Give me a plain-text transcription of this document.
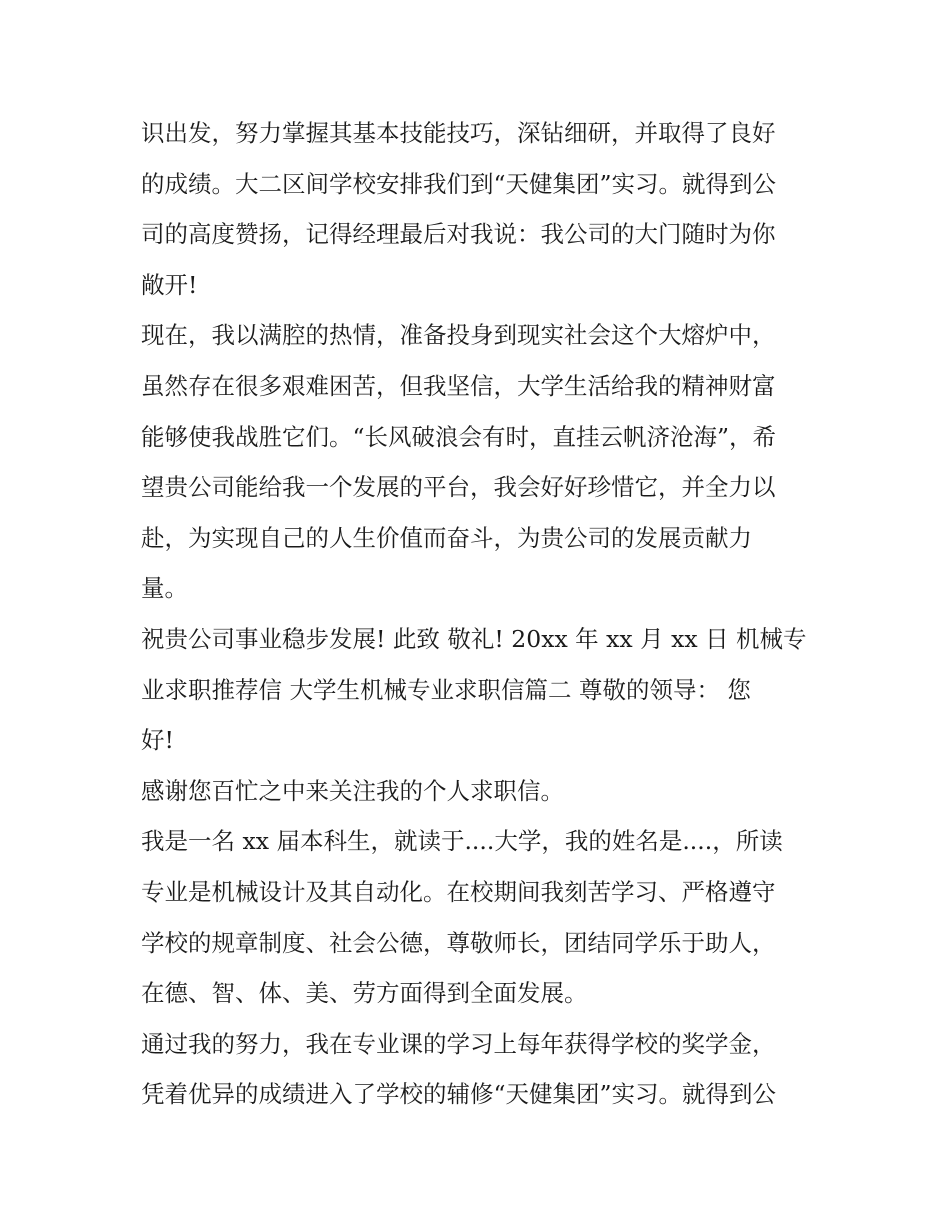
识出发，努力掌握其基本技能技巧，深钻细研，并取得了良好
的成绩。大二区间学校安排我们到“天健集团”实习。就得到公
司的高度赞扬，记得经理最后对我说：我公司的大门随时为你
敞开!
现在，我以满腔的热情，准备投身到现实社会这个大熔炉中，
虽然存在很多艰难困苦，但我坚信，大学生活给我的精神财富
能够使我战胜它们。“长风破浪会有时，直挂云帆济沧海”，希
望贵公司能给我一个发展的平台，我会好好珍惜它，并全力以
赴，为实现自己的人生价值而奋斗，为贵公司的发展贡献力
量。
祝贵公司事业稳步发展! 此致 敬礼! 20xx 年 xx 月 xx 日 机械专
业求职推荐信 大学生机械专业求职信篇二 尊敬的领导： 您
好!
感谢您百忙之中来关注我的个人求职信。
我是一名 xx 届本科生，就读于....大学，我的姓名是....，所读
专业是机械设计及其自动化。在校期间我刻苦学习、严格遵守
学校的规章制度、社会公德，尊敬师长，团结同学乐于助人，
在德、智、体、美、劳方面得到全面发展。
通过我的努力，我在专业课的学习上每年获得学校的奖学金，
凭着优异的成绩进入了学校的辅修“天健集团”实习。就得到公
